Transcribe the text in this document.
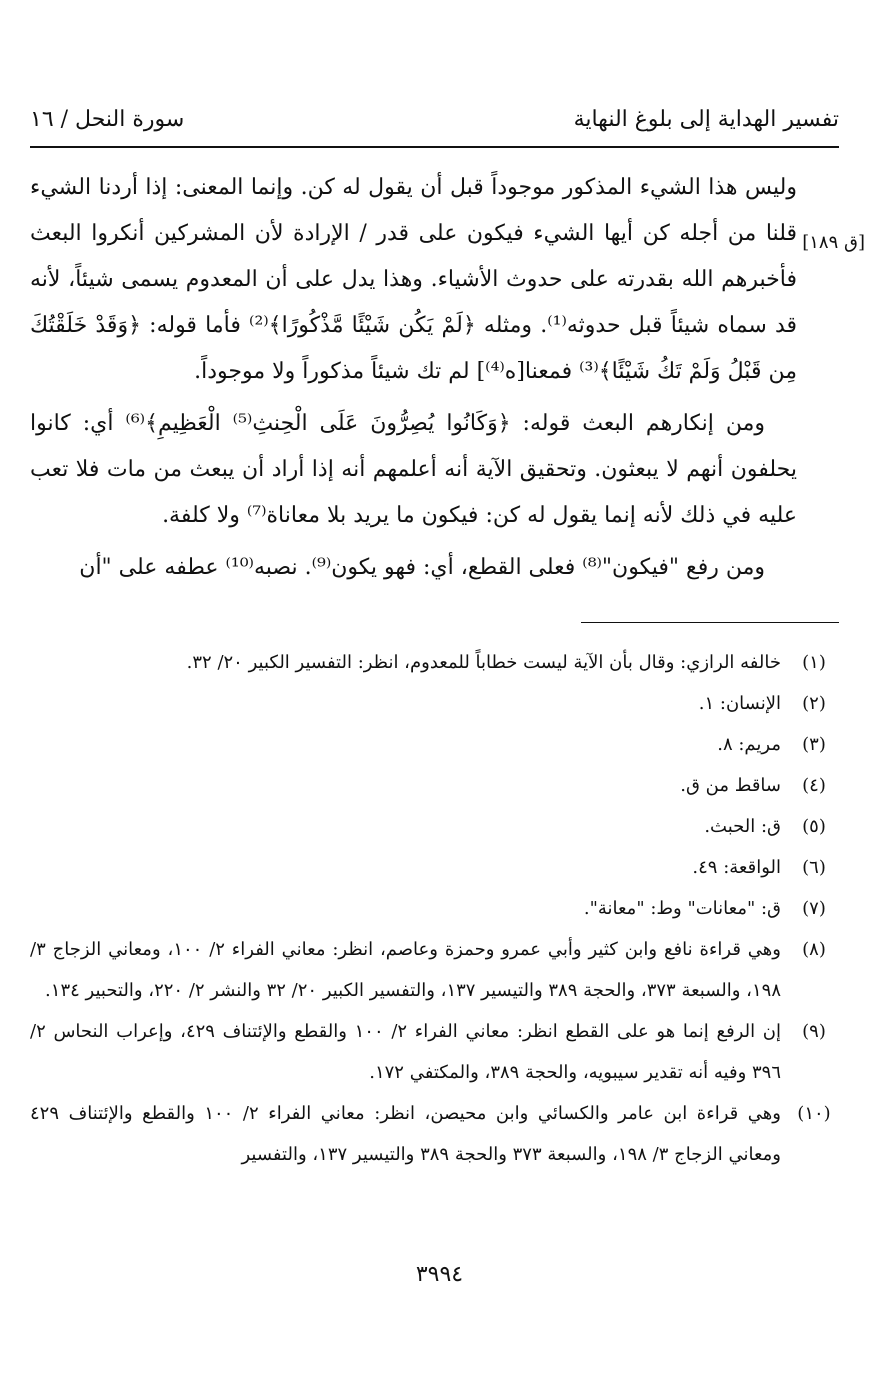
تفسير الهداية إلى بلوغ النهاية
سورة النحل / ١٦
[ق ١٨٩]

وليس هذا الشيء المذكور موجوداً قبل أن يقول له كن. وإنما المعنى: إذا أردنا الشيء قلنا من أجله كن أيها الشيء فيكون على قدر / الإرادة لأن المشركين أنكروا البعث فأخبرهم الله بقدرته على حدوث الأشياء. وهذا يدل على أن المعدوم يسمى شيئاً، لأنه قد سماه شيئاً قبل حدوثه⁽¹⁾. ومثله ﴿لَمْ يَكُن شَيْئًا مَّذْكُورًا﴾⁽²⁾ فأما قوله: ﴿وَقَدْ خَلَقْتُكَ مِن قَبْلُ وَلَمْ تَكُ شَيْئًا﴾⁽³⁾ فمعنا[ه⁽⁴⁾] لم تك شيئاً مذكوراً ولا موجوداً.

ومن إنكارهم البعث قوله: ﴿وَكَانُوا يُصِرُّونَ عَلَى الْحِنثِ⁽⁵⁾ الْعَظِيمِ﴾⁽⁶⁾ أي: كانوا يحلفون أنهم لا يبعثون. وتحقيق الآية أنه أعلمهم أنه إذا أراد أن يبعث من مات فلا تعب عليه في ذلك لأنه إنما يقول له كن: فيكون ما يريد بلا معاناة⁽⁷⁾ ولا كلفة.

ومن رفع "فيكون"⁽⁸⁾ فعلى القطع، أي: فهو يكون⁽⁹⁾. نصبه⁽¹⁰⁾ عطفه على "أن

(١)
خالفه الرازي: وقال بأن الآية ليست خطاباً للمعدوم، انظر: التفسير الكبير ٢٠/ ٣٢.
(٢)
الإنسان: ١.
(٣)
مريم: ٨.
(٤)
ساقط من ق.
(٥)
ق: الحبث.
(٦)
الواقعة: ٤٩.
(٧)
ق: "معانات" وط: "معانة".
(٨)
وهي قراءة نافع وابن كثير وأبي عمرو وحمزة وعاصم، انظر: معاني الفراء ٢/ ١٠٠، ومعاني الزجاج ٣/ ١٩٨، والسبعة ٣٧٣، والحجة ٣٨٩ والتيسير ١٣٧، والتفسير الكبير ٢٠/ ٣٢ والنشر ٢/ ٢٢٠، والتحبير ١٣٤.
(٩)
إن الرفع إنما هو على القطع انظر: معاني الفراء ٢/ ١٠٠ والقطع والإئتناف ٤٢٩، وإعراب النحاس ٢/ ٣٩٦ وفيه أنه تقدير سيبويه، والحجة ٣٨٩، والمكتفي ١٧٢.
(١٠)
وهي قراءة ابن عامر والكسائي وابن محيصن، انظر: معاني الفراء ٢/ ١٠٠ والقطع والإئتناف ٤٢٩ ومعاني الزجاج ٣/ ١٩٨، والسبعة ٣٧٣ والحجة ٣٨٩ والتيسير ١٣٧، والتفسير
٣٩٩٤
